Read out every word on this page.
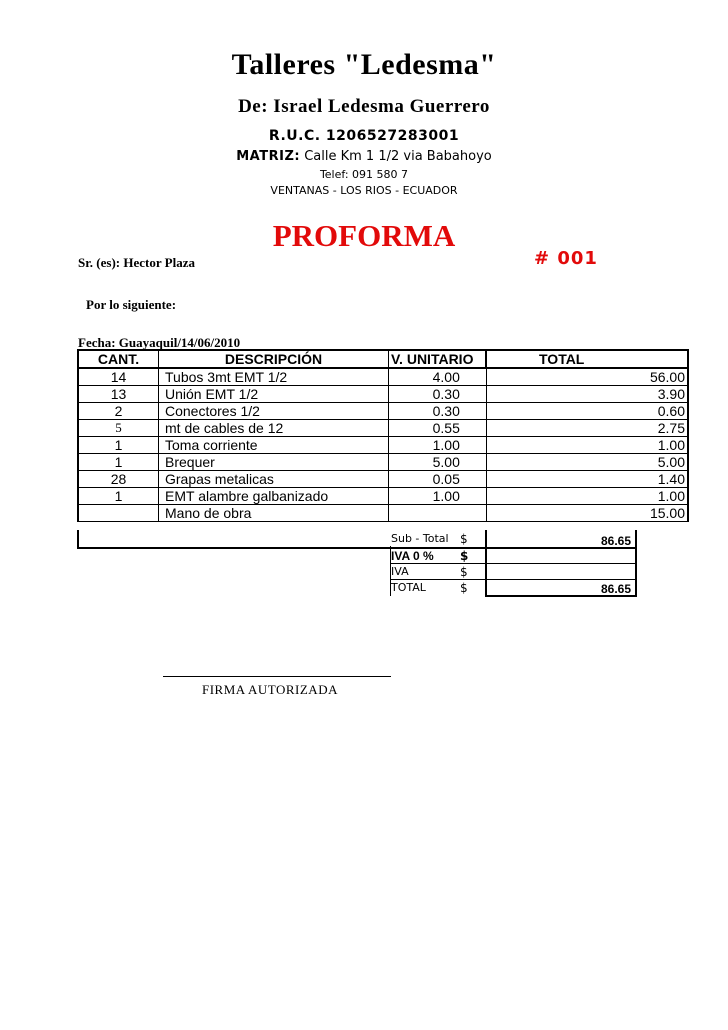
Talleres "Ledesma"
De: Israel Ledesma Guerrero
R.U.C. 1206527283001
MATRIZ: Calle Km 1 1/2 via Babahoyo
Telef: 091 580 7
VENTANAS - LOS RIOS - ECUADOR
PROFORMA
Sr. (es): Hector Plaza	# 001
Por lo siguiente:
Fecha: Guayaquil/14/06/2010
CANT.	DESCRIPCIÓN	V. UNITARIO	TOTAL
14	Tubos 3mt EMT 1/2	4.00	56.00
13	Unión EMT 1/2	0.30	3.90
2	Conectores 1/2	0.30	0.60
5	mt de cables de 12	0.55	2.75
1	Toma corriente	1.00	1.00
1	Brequer	5.00	5.00
28	Grapas metalicas	0.05	1.40
1	EMT alambre galbanizado	1.00	1.00
	Mano de obra		15.00
Sub - Total $	86.65
IVA 0 % $
IVA	$
TOTAL	$	86.65
FIRMA AUTORIZADA
